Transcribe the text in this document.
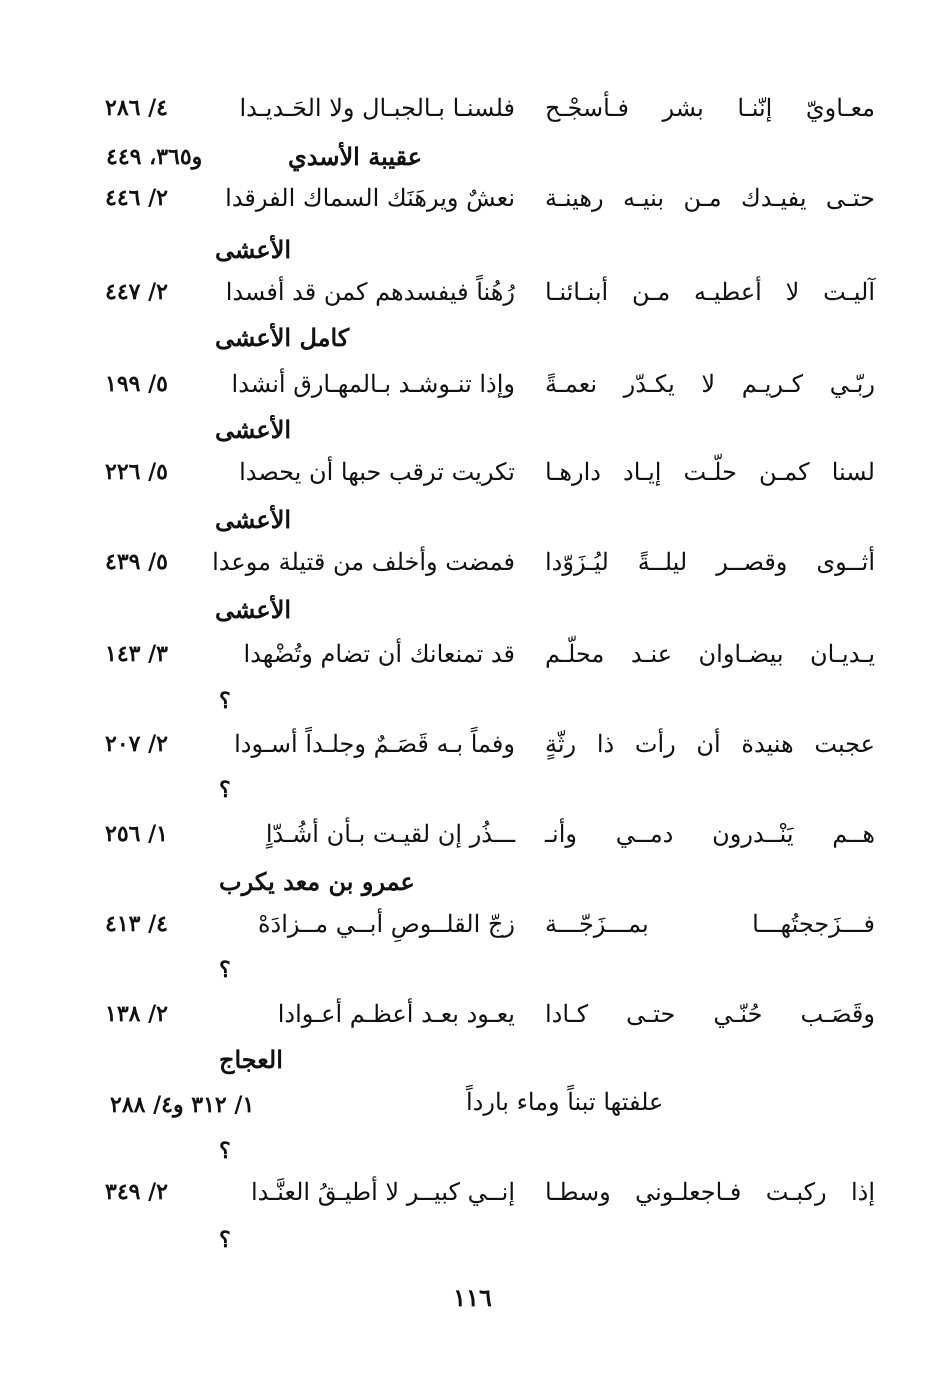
معـاويّ إنّنـا بشر فـأسجْـح
فلسنـا بـالجبـال ولا الحَـديـدا
٤/ ٢٨٦
عقيبة الأسدي
و٣٦٥، ٤٤٩
حتـى يفيـدك مـن بنيـه رهينـة
نعشٌ ويرهَنَك السماك الفرقدا
٢/ ٤٤٦
الأعشى
آليـت لا أعطيـه مـن أبنـائنـا
رُهُناً فيفسدهم كمن قد أفسدا
٢/ ٤٤٧
كامل الأعشى
ربّـي كـريـم لا يكـدّر نعمـةً
وإذا تنـوشـد بـالمهـارق أنشدا
٥/ ١٩٩
الأعشى
لسنا كمـن حلّـت إيـاد دارهـا
تكريت ترقب حبها أن يحصدا
٥/ ٢٢٦
الأعشى
أثــوى وقصــر ليلــةً ليُـزَوّدا
فمضت وأخلف من قتيلة موعدا
٥/ ٤٣٩
الأعشى
يـديـان بيضـاوان عنـد محلّـم
قد تمنعانك أن تضام وتُضْهدا
٣/ ١٤٣
؟
عجبت هنيدة أن رأت ذا رثّةٍ
وفماً بـه قَصَـمٌ وجلـداً أسـودا
٢/ ٢٠٧
؟
هــم يَنْــدرون دمــي وأنـ
ـــذُر إن لقيـت بـأن أشُـدّاٍ
١/ ٢٥٦
عمرو بن معد يكرب
فـــزَججتُهـــا بمـــزَجّـــة
زجّ القلــوصِ أبــي مــزادَهْ
٤/ ٤١٣
؟
وقَصَـب حُنّـي حتـى كـادا
يعـود بعـد أعظـم أعـوادا
٢/ ١٣٨
العجاج
علفتها تبناً وماء بارداً
١/ ٣١٢ و٤/ ٢٨٨
؟
إذا ركبـت فـاجعلـوني وسطـا
إنــي كبيــر لا أطيـقُ العنَّـدا
٢/ ٣٤٩
؟
١١٦
